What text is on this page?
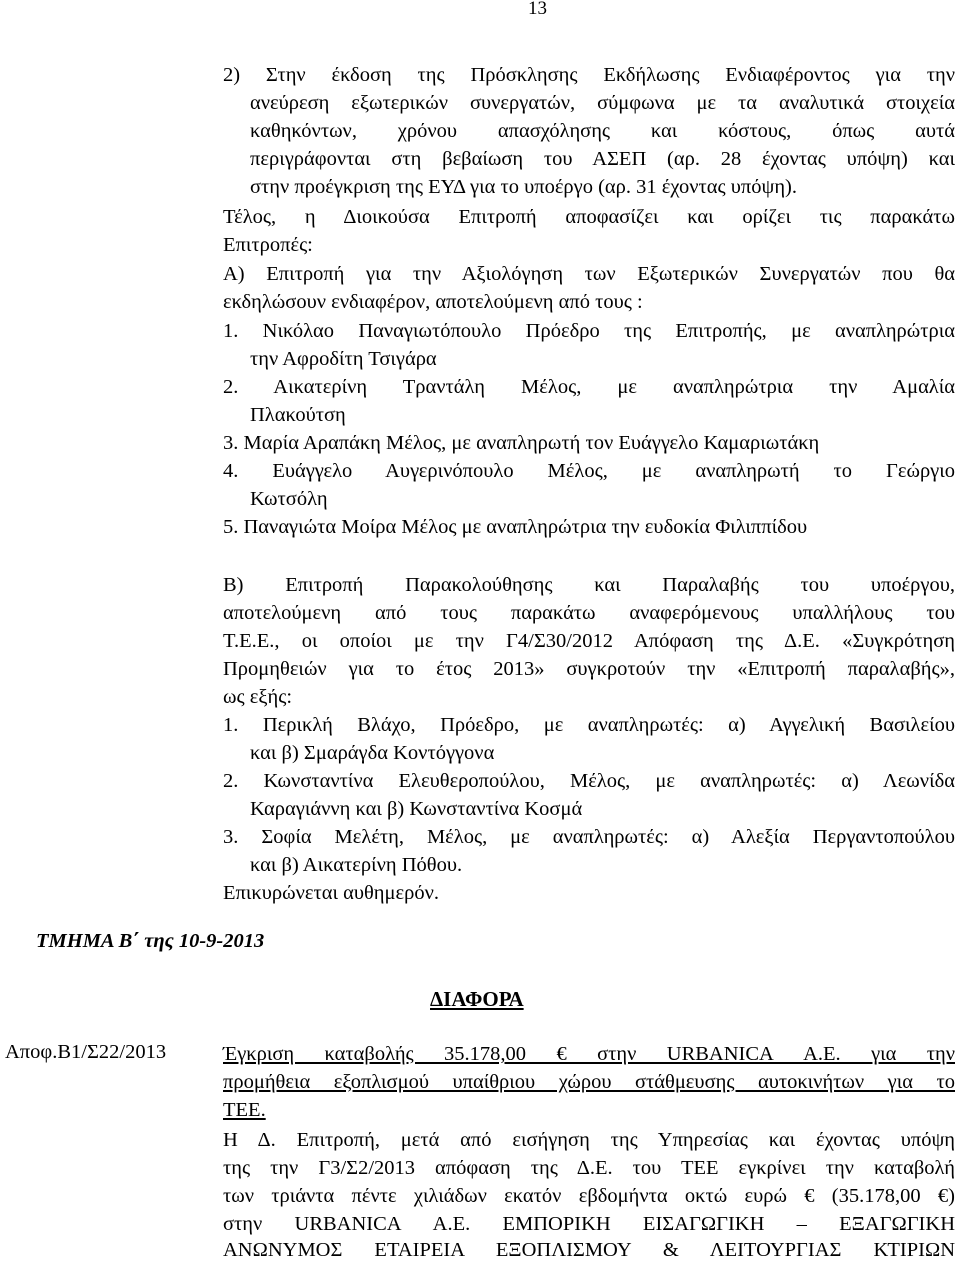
13
2) Στην έκδοση της Πρόσκλησης Εκδήλωσης Ενδιαφέροντος για την
ανεύρεση εξωτερικών συνεργατών, σύμφωνα με τα αναλυτικά στοιχεία
καθηκόντων, χρόνου απασχόλησης και κόστους, όπως αυτά
περιγράφονται στη βεβαίωση του ΑΣΕΠ (αρ. 28 έχοντας υπόψη) και
στην προέγκριση της ΕΥΔ για το υποέργο (αρ. 31 έχοντας υπόψη).
Τέλος, η Διοικούσα Επιτροπή αποφασίζει και ορίζει τις παρακάτω
Επιτροπές:
Α) Επιτροπή για την Αξιολόγηση των Εξωτερικών Συνεργατών που θα
εκδηλώσουν ενδιαφέρον, αποτελούμενη από τους :
1. Νικόλαο Παναγιωτόπουλο Πρόεδρο της Επιτροπής, με αναπληρώτρια
την Αφροδίτη Τσιγάρα
2. Αικατερίνη Τραντάλη Μέλος, με αναπληρώτρια την Αμαλία
Πλακούτση
3. Μαρία Αραπάκη Μέλος, με αναπληρωτή τον Ευάγγελο Καμαριωτάκη
4. Ευάγγελο Αυγερινόπουλο Μέλος, με αναπληρωτή το Γεώργιο
Κωτσόλη
5. Παναγιώτα Μοίρα Μέλος με αναπληρώτρια την ευδοκία Φιλιππίδου
Β) Επιτροπή Παρακολούθησης και Παραλαβής του υποέργου,
αποτελούμενη από τους παρακάτω αναφερόμενους υπαλλήλους του
Τ.Ε.Ε., οι οποίοι με την Γ4/Σ30/2012 Απόφαση της Δ.Ε. «Συγκρότηση
Προμηθειών για το έτος 2013» συγκροτούν την «Επιτροπή παραλαβής»,
ως εξής:
1. Περικλή Βλάχο, Πρόεδρο, με αναπληρωτές: α) Αγγελική Βασιλείου
και β) Σμαράγδα Κοντόγγονα
2. Κωνσταντίνα Ελευθεροπούλου, Μέλος, με αναπληρωτές: α) Λεωνίδα
Καραγιάννη και β) Κωνσταντίνα Κοσμά
3. Σοφία Μελέτη, Μέλος, με αναπληρωτές: α) Αλεξία Περγαντοπούλου
και β) Αικατερίνη Πόθου.
Επικυρώνεται αυθημερόν.
ΤΜΗΜΑ Β΄ της 10-9-2013
ΔΙΑΦΟΡΑ
Αποφ.Β1/Σ22/2013	Έγκριση καταβολής 35.178,00 € στην URBANICA Α.Ε. για την
προμήθεια εξοπλισμού υπαίθριου χώρου στάθμευσης αυτοκινήτων για το
ΤΕΕ.
Η Δ. Επιτροπή, μετά από εισήγηση της Υπηρεσίας και έχοντας υπόψη
της την Γ3/Σ2/2013 απόφαση της Δ.Ε. του ΤΕΕ εγκρίνει την καταβολή
των τριάντα πέντε χιλιάδων εκατόν εβδομήντα οκτώ ευρώ € (35.178,00 €)
στην URBANICA Α.Ε. ΕΜΠΟΡΙΚΗ ΕΙΣΑΓΩΓΙΚΗ – ΕΞΑΓΩΓΙΚΗ
ΑΝΩΝΥΜΟΣ ΕΤΑΙΡΕΙΑ ΕΞΟΠΛΙΣΜΟΥ & ΛΕΙΤΟΥΡΓΙΑΣ ΚΤΙΡΙΩΝ
